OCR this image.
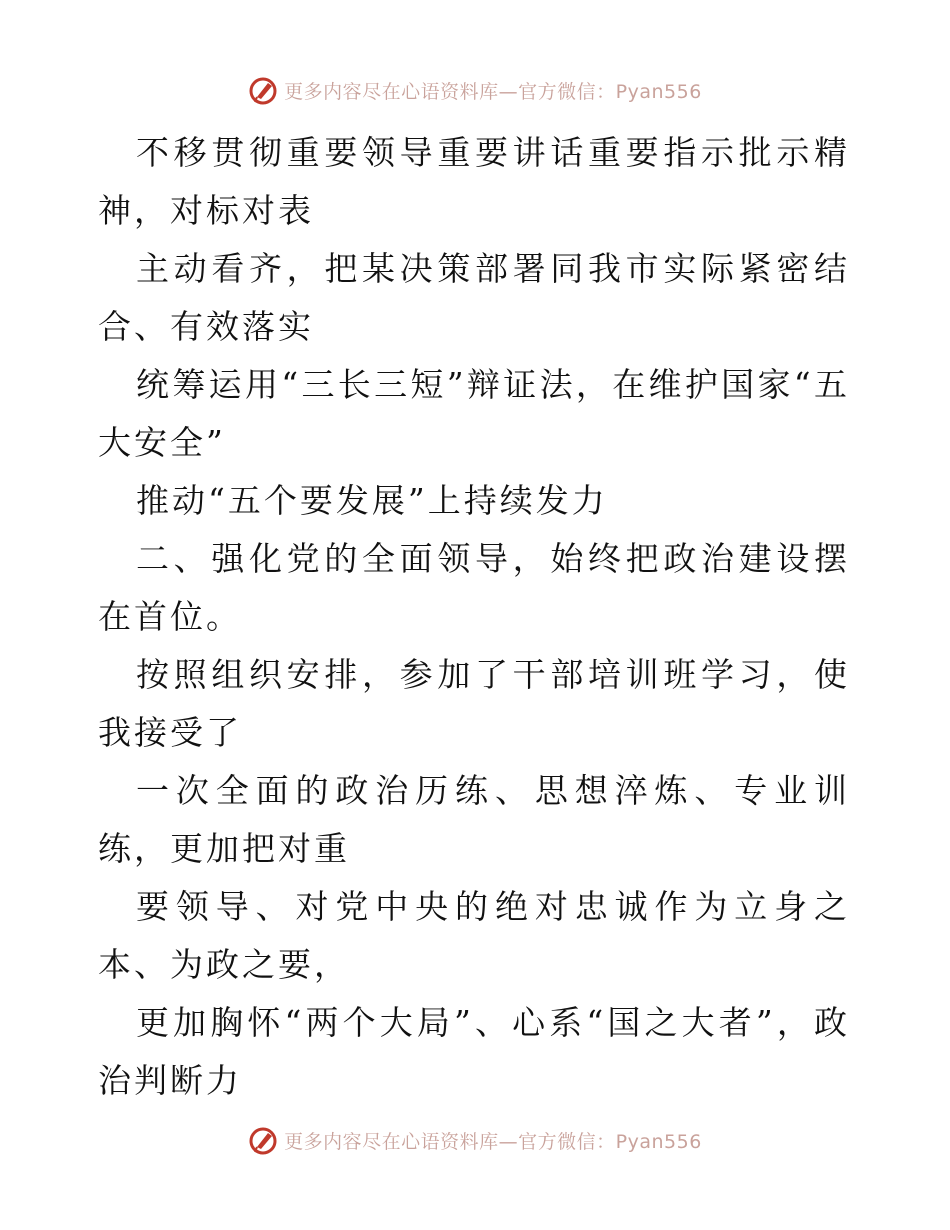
更多内容尽在心语资料库—官方微信：Pyan556

不移贯彻重要领导重要讲话重要指示批示精神，对标对表

主动看齐，把某决策部署同我市实际紧密结合、有效落实

统筹运用“三长三短”辩证法，在维护国家“五大安全”

推动“五个要发展”上持续发力

二、强化党的全面领导，始终把政治建设摆在首位。

按照组织安排，参加了干部培训班学习，使我接受了

一次全面的政治历练、思想淬炼、专业训练，更加把对重

要领导、对党中央的绝对忠诚作为立身之本、为政之要，

更加胸怀“两个大局”、心系“国之大者”，政治判断力

更多内容尽在心语资料库—官方微信：Pyan556
